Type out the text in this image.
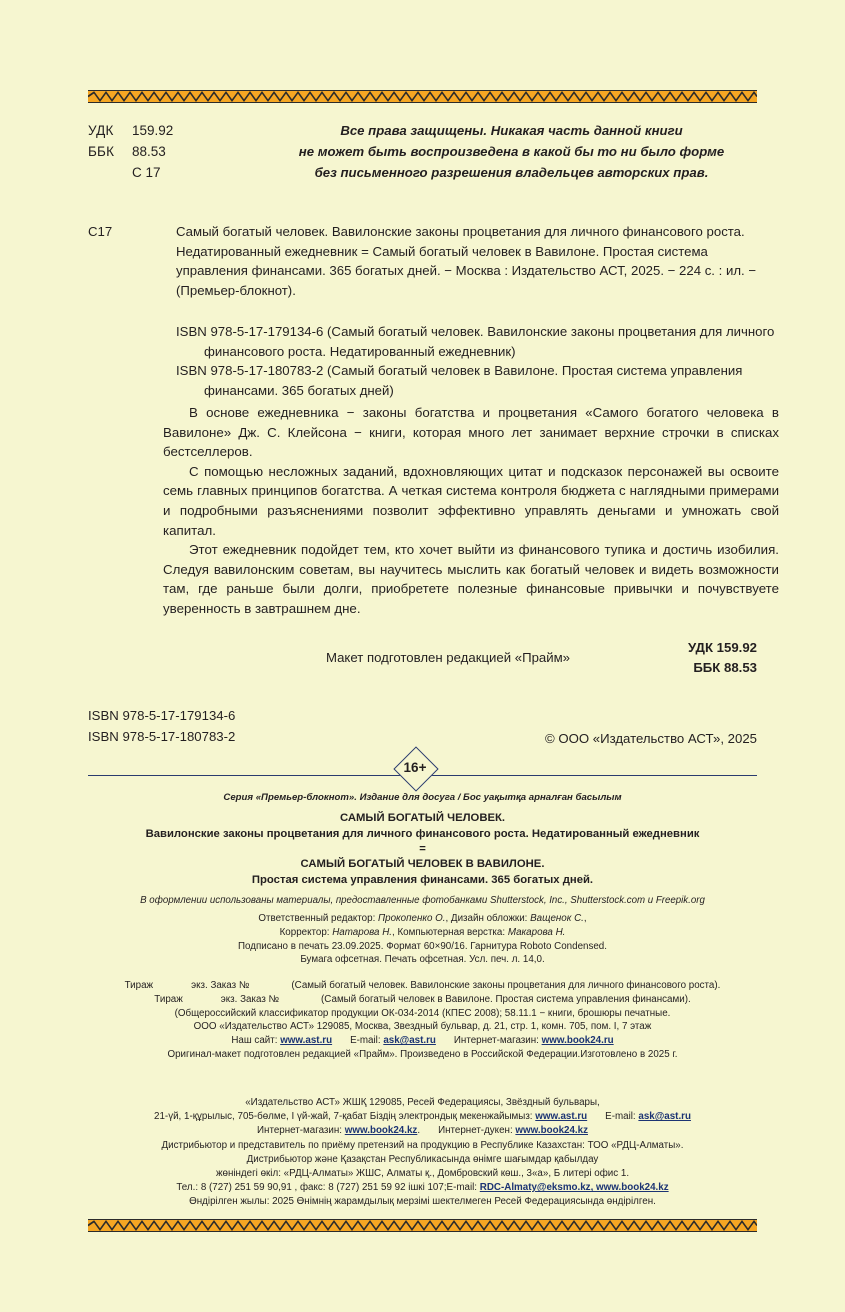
УДК	159.92
ББК	88.53
С 17
Все права защищены. Никакая часть данной книги
не может быть воспроизведена в какой бы то ни было форме
без письменного разрешения владельцев авторских прав.
С17	Самый богатый человек. Вавилонские законы процветания для личного финансового роста. Недатированный ежедневник = Самый богатый человек в Вавилоне. Простая система управления финансами. 365 богатых дней. − Москва : Издательство АСТ, 2025. − 224 с. : ил. − (Премьер-блокнот).

ISBN 978-5-17-179134-6 (Самый богатый человек. Вавилонские законы процветания для личного финансового роста. Недатированный ежедневник)

ISBN 978-5-17-180783-2 (Самый богатый человек в Вавилоне. Простая система управления финансами. 365 богатых дней)

В основе ежедневника − законы богатства и процветания «Самого богатого человека в Вавилоне» Дж. С. Клейсона − книги, которая много лет занимает верхние строчки в списках бестселлеров.

С помощью несложных заданий, вдохновляющих цитат и подсказок персонажей вы освоите семь главных принципов богатства. А четкая система контроля бюджета с наглядными примерами и подробными разъяснениями позволит эффективно управлять деньгами и умножать свой капитал.

Этот ежедневник подойдет тем, кто хочет выйти из финансового тупика и достичь изобилия. Следуя вавилонским советам, вы научитесь мыслить как богатый человек и видеть возможности там, где раньше были долги, приобретете полезные финансовые привычки и почувствуете уверенность в завтрашнем дне.

Макет подготовлен редакцией «Прайм»
УДК 159.92
ББК 88.53
ISBN 978-5-17-179134-6
ISBN 978-5-17-180783-2	© ООО «Издательство АСТ», 2025
16+
Серия «Премьер-блокнот». Издание для досуга / Бос уақытқа арналған басылым
САМЫЙ БОГАТЫЙ ЧЕЛОВЕК.
Вавилонские законы процветания для личного финансового роста. Недатированный ежедневник
=
САМЫЙ БОГАТЫЙ ЧЕЛОВЕК В ВАВИЛОНЕ.
Простая система управления финансами. 365 богатых дней.
В оформлении использованы материалы, предоставленные фотобанками Shutterstock, Inc., Shutterstock.com и Freepik.org
Ответственный редактор: Прокопенко О., Дизайн обложки: Ващенок С.,
Корректор: Натарова Н., Компьютерная верстка: Макарова Н.
Подписано в печать 23.09.2025. Формат 60×90/16. Гарнитура Roboto Condensed.
Бумага офсетная. Печать офсетная. Усл. печ. л. 14,0.
Тираж	экз. Заказ №	(Самый богатый человек. Вавилонские законы процветания для личного финансового роста).
Тираж	экз. Заказ №	(Самый богатый человек в Вавилоне. Простая система управления финансами).
(Общероссийский классификатор продукции ОК-034-2014 (КПЕС 2008); 58.11.1 − книги, брошюры печатные.
ООО «Издательство АСТ» 129085, Москва, Звездный бульвар, д. 21, стр. 1, комн. 705, пом. I, 7 этаж
Наш сайт: www.ast.ru E-mail: ask@ast.ru Интернет-магазин: www.book24.ru
Оригинал-макет подготовлен редакцией «Прайм». Произведено в Российской Федерации.Изготовлено в 2025 г.
«Издательство АСТ» ЖШҚ 129085, Ресей Федерациясы, Звёздный бульвары,
21-үй, 1-құрылыс, 705-бөлме, I үй-жай, 7-қабат Біздің электрондық мекенжайымыз: www.ast.ru E-mail: ask@ast.ru
Интернет-магазин: www.book24.kz. Интернет-дукен: www.book24.kz
Дистрибьютор и представитель по приёму претензий на продукцию в Республике Казахстан: ТОО «РДЦ-Алматы».
Дистрибьютор және Қазақстан Республикасында өнімге шағымдар қабылдау
жөніндегі өкіл: «РДЦ-Алматы» ЖШС, Алматы қ., Домбровский көш., 3«а», Б литері офис 1.
Тел.: 8 (727) 251 59 90,91 , факс: 8 (727) 251 59 92 ішкі 107;E-mail: RDC-Almaty@eksmo.kz, www.book24.kz
Өндірілген жылы: 2025 Өнімнің жарамдылық мерзімі шектелмеген Ресей Федерациясында өндірілген.
